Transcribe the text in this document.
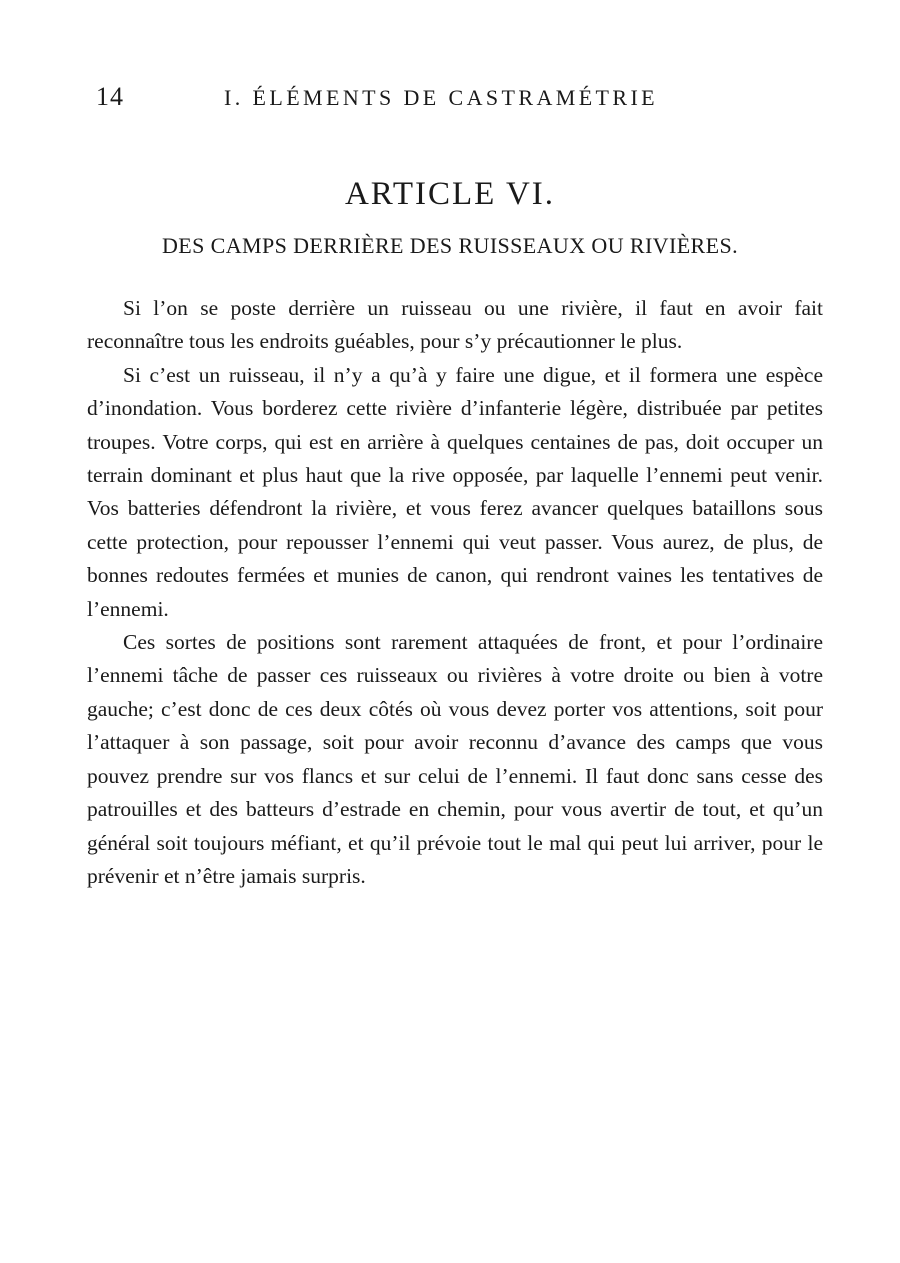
14	I. ÉLÉMENTS DE CASTRAMÉTRIE
ARTICLE VI.
DES CAMPS DERRIÈRE DES RUISSEAUX OU RIVIÈRES.

Si l’on se poste derrière un ruisseau ou une rivière, il faut en avoir fait reconnaître tous les endroits guéables, pour s’y précautionner le plus.

Si c’est un ruisseau, il n’y a qu’à y faire une digue, et il formera une espèce d’inondation. Vous borderez cette rivière d’infanterie légère, distribuée par petites troupes. Votre corps, qui est en arrière à quelques centaines de pas, doit occuper un terrain dominant et plus haut que la rive opposée, par laquelle l’ennemi peut venir. Vos batteries défendront la rivière, et vous ferez avancer quelques bataillons sous cette protection, pour repousser l’ennemi qui veut passer. Vous aurez, de plus, de bonnes redoutes fermées et munies de canon, qui rendront vaines les tentatives de l’ennemi.

Ces sortes de positions sont rarement attaquées de front, et pour l’ordinaire l’ennemi tâche de passer ces ruisseaux ou rivières à votre droite ou bien à votre gauche; c’est donc de ces deux côtés où vous devez porter vos attentions, soit pour l’attaquer à son passage, soit pour avoir reconnu d’avance des camps que vous pouvez prendre sur vos flancs et sur celui de l’ennemi. Il faut donc sans cesse des patrouilles et des batteurs d’estrade en chemin, pour vous avertir de tout, et qu’un général soit toujours méfiant, et qu’il prévoie tout le mal qui peut lui arriver, pour le prévenir et n’être jamais surpris.
